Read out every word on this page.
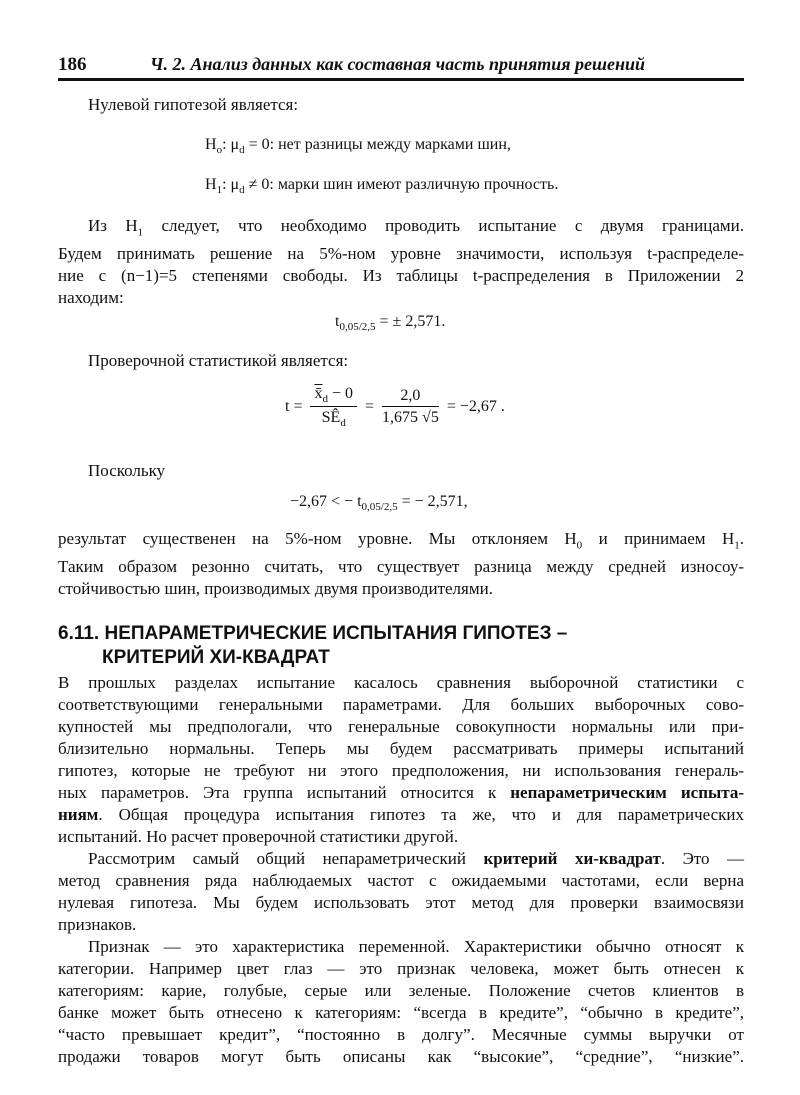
186	Ч. 2. Анализ данных как составная часть принятия решений
Нулевой гипотезой является:
$H_o$: $\mu_d = 0$: нет разницы между марками шин,
$H_1$: $\mu_d \ne 0$: марки шин имеют различную прочность.
Из $H_1$ следует, что необходимо проводить испытание с двумя границами.
Будем принимать решение на 5%-ном уровне значимости, используя t-распределе-
ние с (n−1)=5 степенями свободы. Из таблицы t-распределения в Приложении 2
находим:
$t_{0,05/2,5}$ = ± 2,571.
Проверочной статистикой является:
$t = \frac{x̄_d - 0}{SÊ_d} = \frac{2,0}{1,675 √5} = -2,67$ .
Поскольку
−2,67 < − $t_{0,05/2,5}$ = − 2,571,
результат существенен на 5%-ном уровне. Мы отклоняем $H_0$ и принимаем $H_1$.
Таким образом резонно считать, что существует разница между средней износоу-
стойчивостью шин, производимых двумя производителями.
6.11. НЕПАРАМЕТРИЧЕСКИЕ ИСПЫТАНИЯ ГИПОТЕЗ –
КРИТЕРИЙ ХИ-КВАДРАТ
В прошлых разделах испытание касалось сравнения выборочной статистики с
соответствующими генеральными параметрами. Для больших выборочных сово-
купностей мы предпологали, что генеральные совокупности нормальны или при-
близительно нормальны. Теперь мы будем рассматривать примеры испытаний
гипотез, которые не требуют ни этого предположения, ни использования генераль-
ных параметров. Эта группа испытаний относится к непараметрическим испыта-
ниям. Общая процедура испытания гипотез та же, что и для параметрических
испытаний. Но расчет проверочной статистики другой.
Рассмотрим самый общий непараметрический критерий хи-квадрат. Это —
метод сравнения ряда наблюдаемых частот с ожидаемыми частотами, если верна
нулевая гипотеза. Мы будем использовать этот метод для проверки взаимосвязи
признаков.
Признак — это характеристика переменной. Характеристики обычно относят к
категории. Например цвет глаз — это признак человека, может быть отнесен к
категориям: карие, голубые, серые или зеленые. Положение счетов клиентов в
банке может быть отнесено к категориям: “всегда в кредите”, “обычно в кредите”,
“часто превышает кредит”, “постоянно в долгу”. Месячные суммы выручки от
продажи товаров могут быть описаны как “высокие”, “средние”, “низкие”.
